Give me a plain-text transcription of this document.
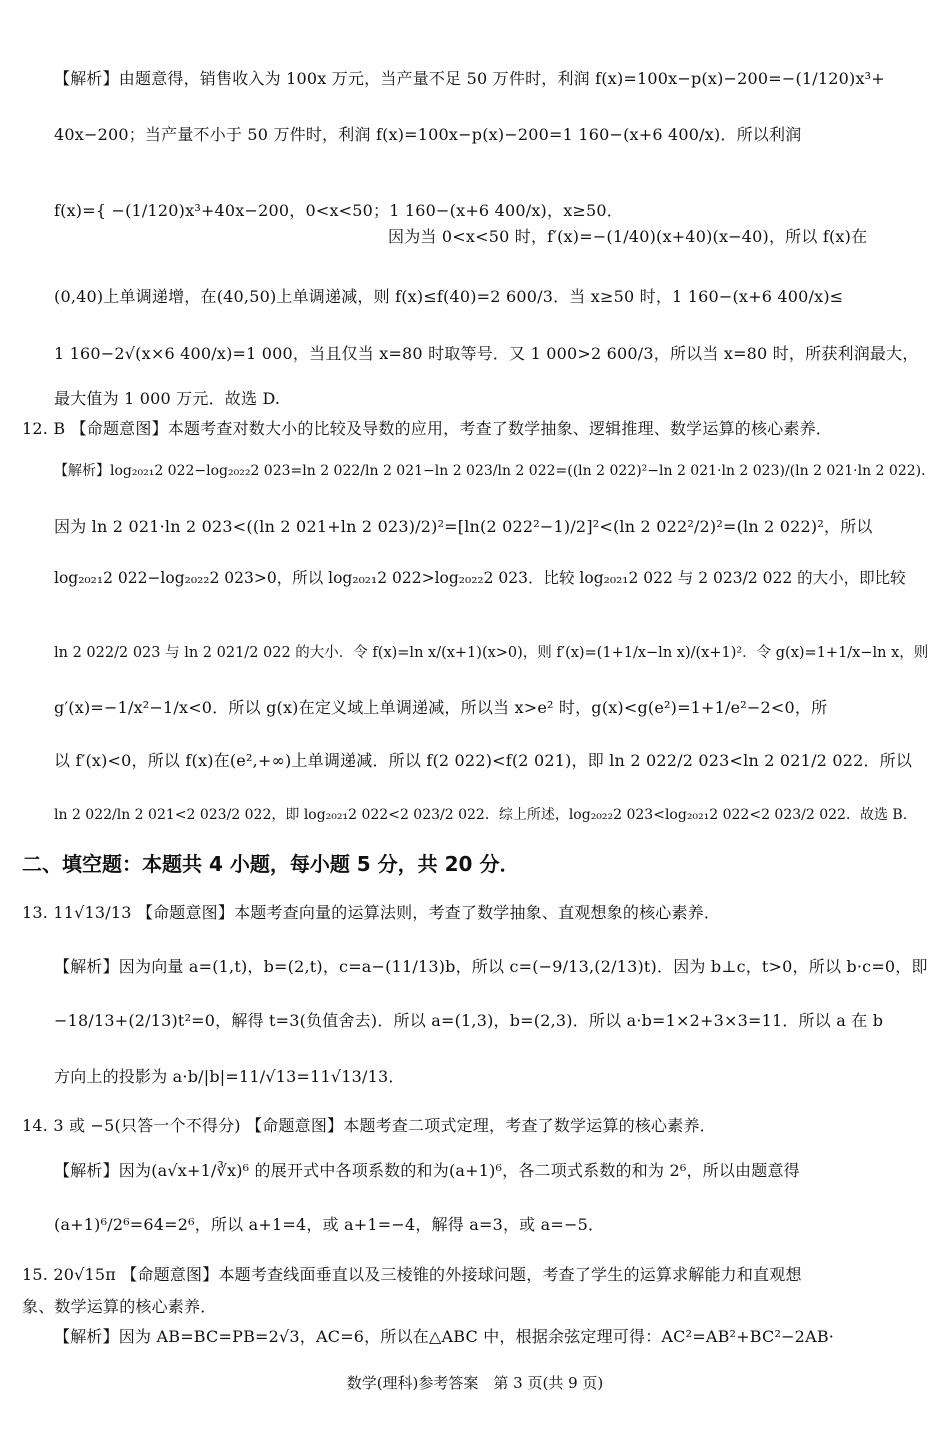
【解析】由题意得，销售收入为 100x 万元，当产量不足 50 万件时，利润 f(x)=100x−p(x)−200=−(1/120)x³+
40x−200；当产量不小于 50 万件时，利润 f(x)=100x−p(x)−200=1 160−(x+6 400/x)．所以利润
f(x)={ −(1/120)x³+40x−200，0<x<50；1 160−(x+6 400/x)，x≥50．
因为当 0<x<50 时，f′(x)=−(1/40)(x+40)(x−40)，所以 f(x)在
(0,40)上单调递增，在(40,50)上单调递减，则 f(x)≤f(40)=2 600/3．当 x≥50 时，1 160−(x+6 400/x)≤
1 160−2√(x×6 400/x)=1 000，当且仅当 x=80 时取等号．又 1 000>2 600/3，所以当 x=80 时，所获利润最大，
最大值为 1 000 万元．故选 D.
12. B 【命题意图】本题考查对数大小的比较及导数的应用，考查了数学抽象、逻辑推理、数学运算的核心素养．
【解析】log₂₀₂₁2 022−log₂₀₂₂2 023=ln 2 022/ln 2 021−ln 2 023/ln 2 022=((ln 2 022)²−ln 2 021·ln 2 023)/(ln 2 021·ln 2 022)．
因为 ln 2 021·ln 2 023<((ln 2 021+ln 2 023)/2)²=[ln(2 022²−1)/2]²<(ln 2 022²/2)²=(ln 2 022)²，所以
log₂₀₂₁2 022−log₂₀₂₂2 023>0，所以 log₂₀₂₁2 022>log₂₀₂₂2 023．比较 log₂₀₂₁2 022 与 2 023/2 022 的大小，即比较
ln 2 022/2 023 与 ln 2 021/2 022 的大小．令 f(x)=ln x/(x+1)(x>0)，则 f′(x)=(1+1/x−ln x)/(x+1)²．令 g(x)=1+1/x−ln x，则
g′(x)=−1/x²−1/x<0．所以 g(x)在定义域上单调递减，所以当 x>e² 时，g(x)<g(e²)=1+1/e²−2<0，所
以 f′(x)<0，所以 f(x)在(e²,+∞)上单调递减．所以 f(2 022)<f(2 021)，即 ln 2 022/2 023<ln 2 021/2 022．所以
ln 2 022/ln 2 021<2 023/2 022，即 log₂₀₂₁2 022<2 023/2 022．综上所述，log₂₀₂₂2 023<log₂₀₂₁2 022<2 023/2 022．故选 B.
二、填空题：本题共 4 小题，每小题 5 分，共 20 分．
13. 11√13/13 【命题意图】本题考查向量的运算法则，考查了数学抽象、直观想象的核心素养．
【解析】因为向量 a=(1,t)，b=(2,t)，c=a−(11/13)b，所以 c=(−9/13,(2/13)t)．因为 b⊥c，t>0，所以 b·c=0，即
−18/13+(2/13)t²=0，解得 t=3(负值舍去)．所以 a=(1,3)，b=(2,3)．所以 a·b=1×2+3×3=11．所以 a 在 b
方向上的投影为 a·b/|b|=11/√13=11√13/13．
14. 3 或 −5(只答一个不得分) 【命题意图】本题考查二项式定理，考查了数学运算的核心素养．
【解析】因为(a√x+1/∛x)⁶ 的展开式中各项系数的和为(a+1)⁶，各二项式系数的和为 2⁶，所以由题意得
(a+1)⁶/2⁶=64=2⁶，所以 a+1=4，或 a+1=−4，解得 a=3，或 a=−5．
15. 20√15π 【命题意图】本题考查线面垂直以及三棱锥的外接球问题，考查了学生的运算求解能力和直观想
象、数学运算的核心素养．
【解析】因为 AB=BC=PB=2√3，AC=6，所以在△ABC 中，根据余弦定理可得：AC²=AB²+BC²−2AB·
数学(理科)参考答案　第 3 页(共 9 页)
